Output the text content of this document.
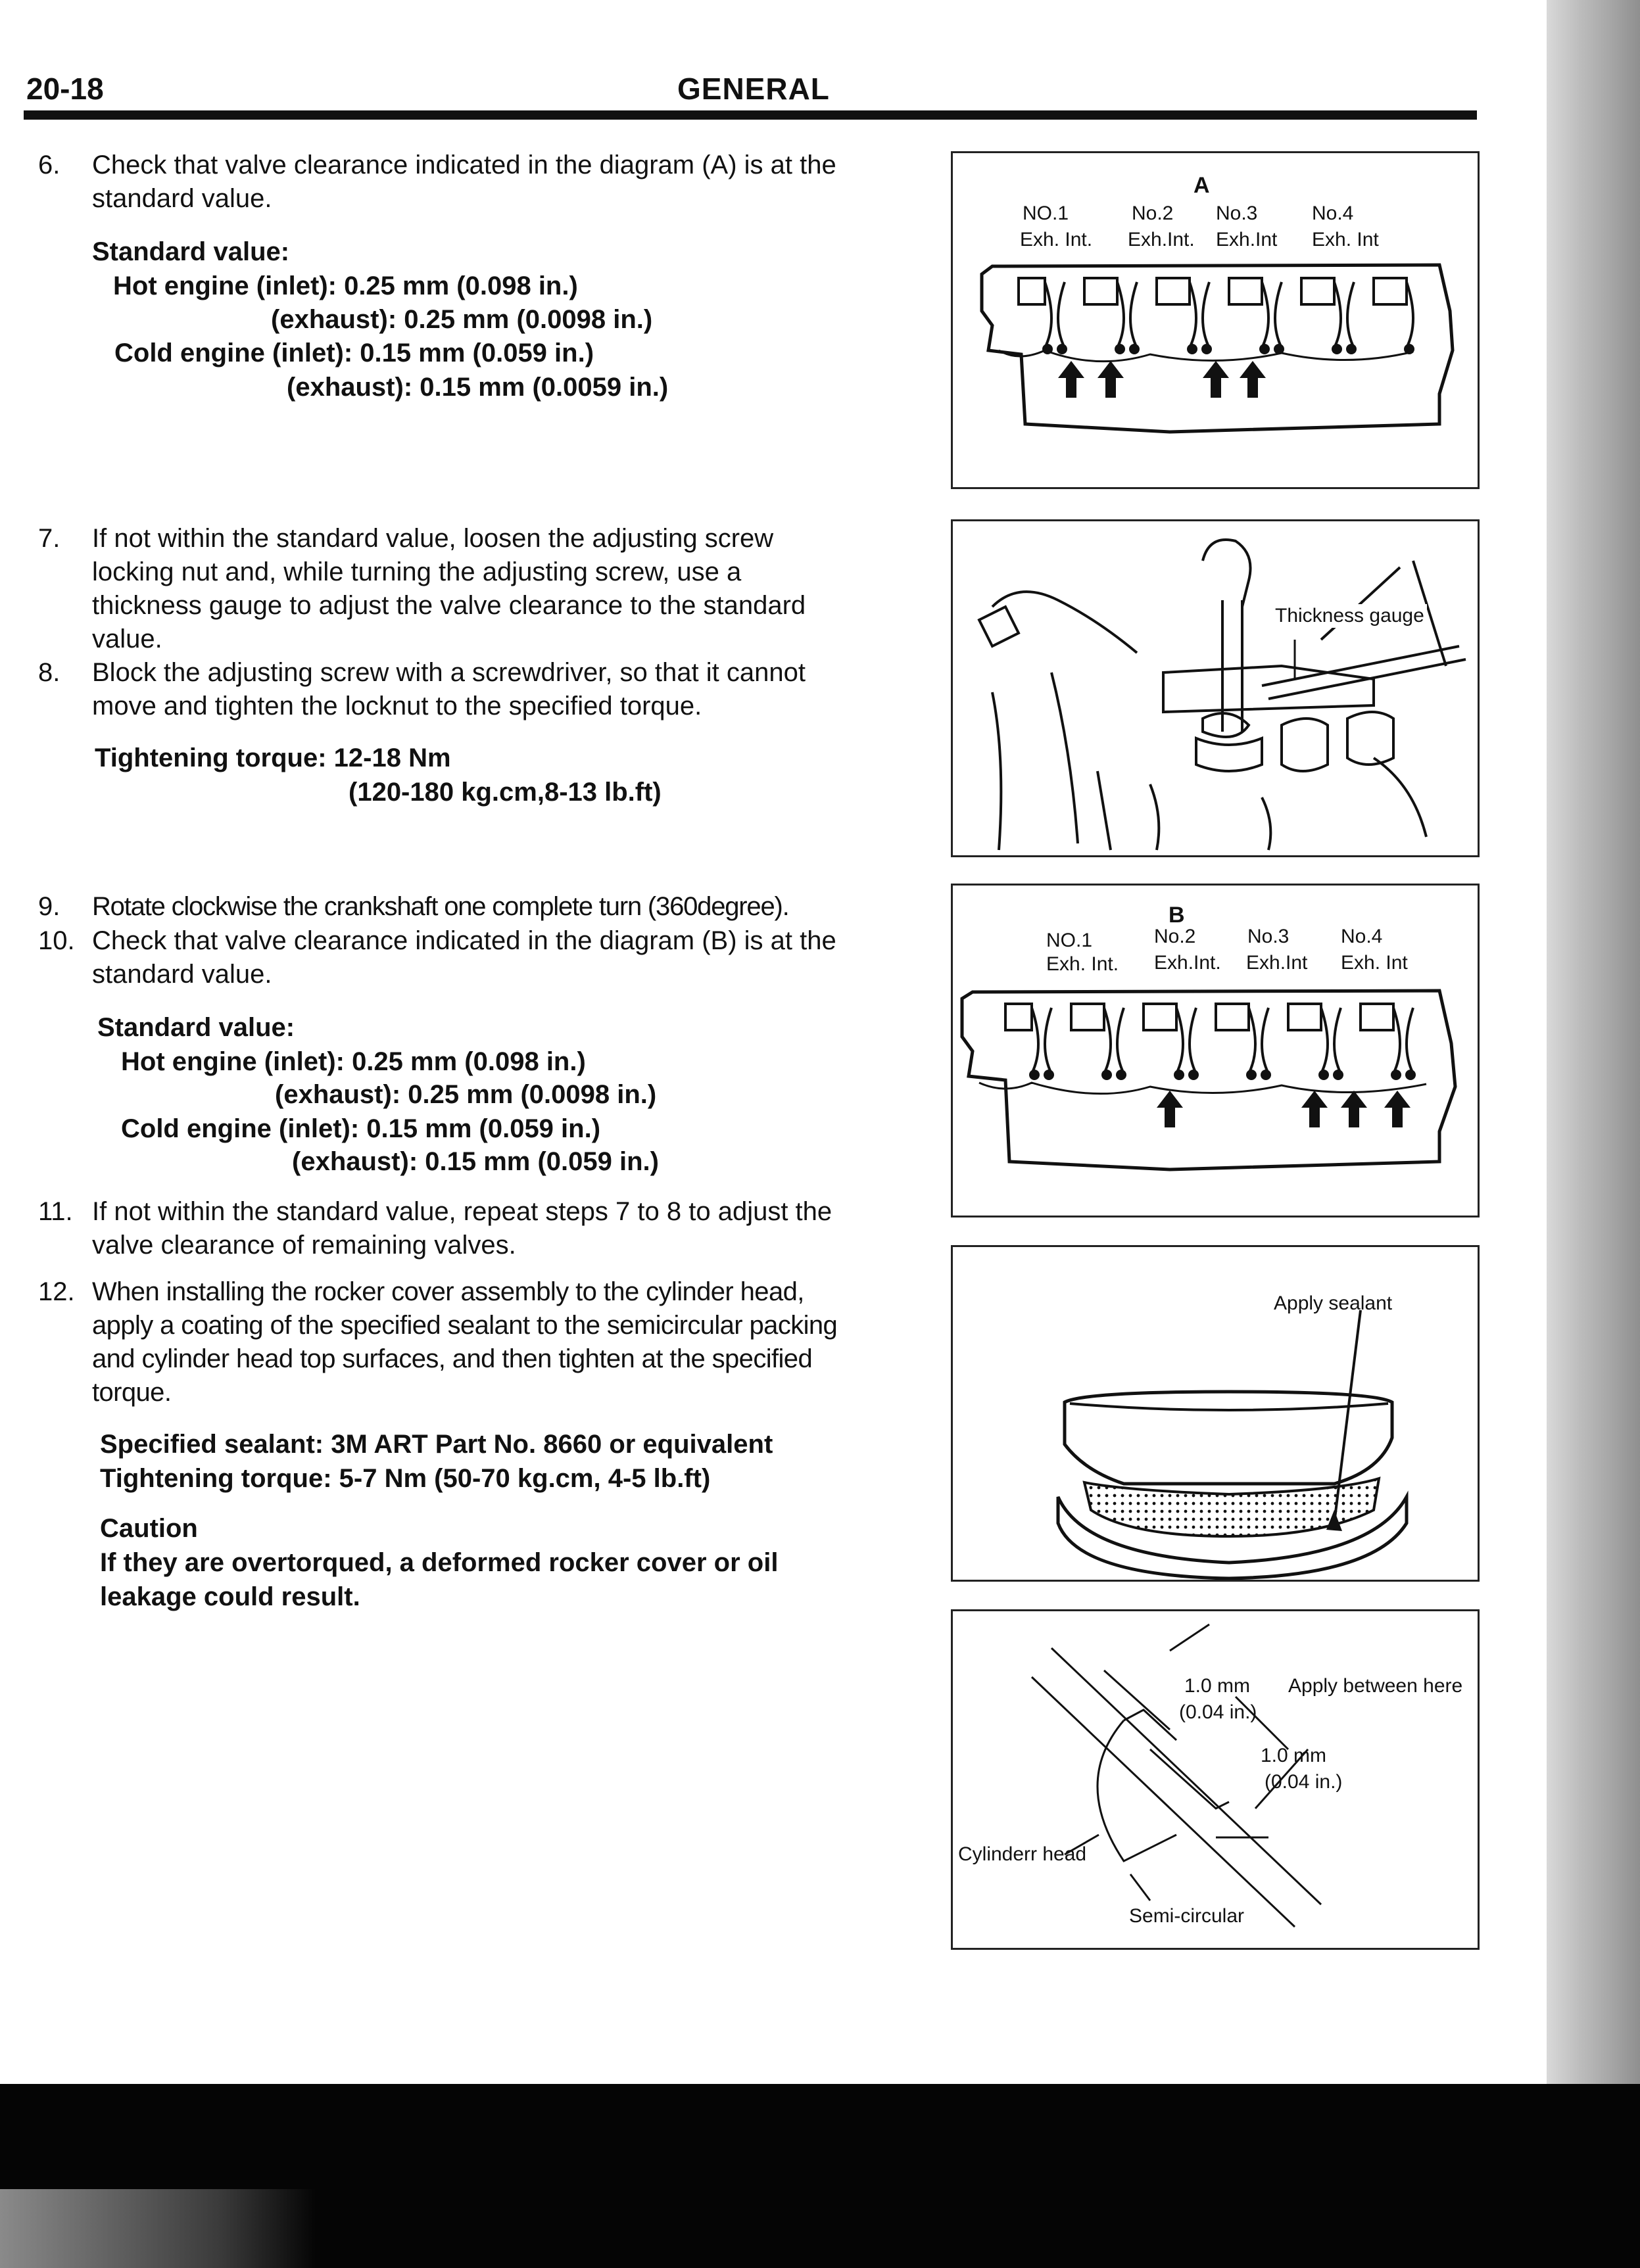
20-18	GENERAL
6.	Check that valve clearance indicated in the diagram (A) is at the standard value.
Standard value:
Hot engine (inlet): 0.25 mm (0.098 in.)
(exhaust): 0.25 mm (0.0098 in.)
Cold engine (inlet): 0.15 mm (0.059 in.)
(exhaust): 0.15 mm (0.0059 in.)
7.	If not within the standard value, loosen the adjusting screw locking nut and, while turning the adjusting screw, use a thickness gauge to adjust the valve clearance to the standard value.
8.	Block the adjusting screw with a screwdriver, so that it cannot move and tighten the locknut to the specified torque.
Tightening torque: 12-18 Nm
(120-180 kg.cm,8-13 lb.ft)
9.	Rotate clockwise the crankshaft one complete turn (360degree).
10. Check that valve clearance indicated in the diagram (B) is at the standard value.
Standard value:
Hot engine (inlet): 0.25 mm (0.098 in.)
(exhaust): 0.25 mm (0.0098 in.)
Cold engine (inlet): 0.15 mm (0.059 in.)
(exhaust): 0.15 mm (0.059 in.)
11. If not within the standard value, repeat steps 7 to 8 to adjust the valve clearance of remaining valves.
12. When installing the rocker cover assembly to the cylinder head, apply a coating of the specified sealant to the semicircular packing and cylinder head top surfaces, and then tighten at the specified torque.
Specified sealant: 3M ART Part No. 8660 or equivalent
Tightening torque: 5-7 Nm (50-70 kg.cm, 4-5 lb.ft)
Caution
If they are overtorqued, a deformed rocker cover or oil
leakage could result.
A
NO.1	No.2 No.3	No.4
Exh. Int. Exh.Int. Exh.Int Exh. Int
Thickness gauge
B
NO.1	No.2	No.3	No.4
Exh. Int. Exh.Int. Exh.Int Exh. Int
Apply sealant
1.0 mm Apply between here
(0.04 in.)
1.0 mm
(0.04 in.)
Cylinderr head
Semi-circular
